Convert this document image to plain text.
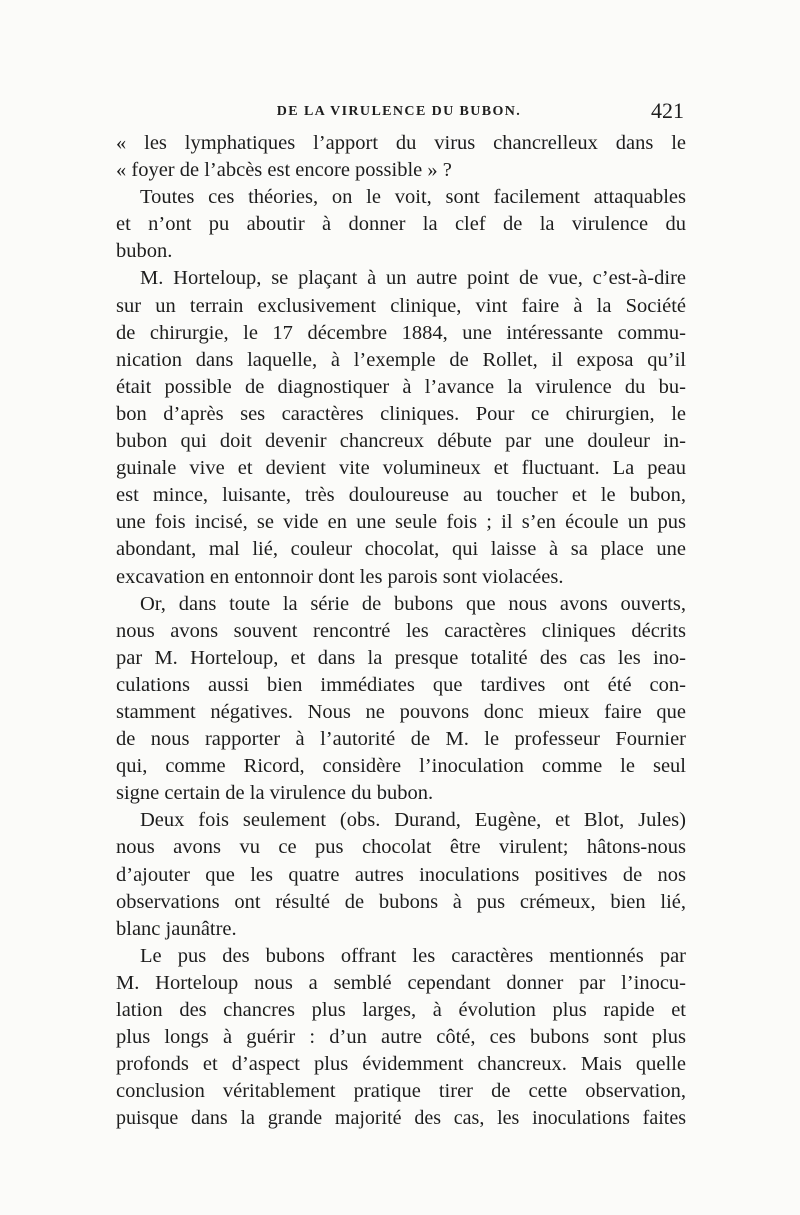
DE LA VIRULENCE DU BUBON.	421
« les lymphatiques l’apport du virus chancrelleux dans le
« foyer de l’abcès est encore possible » ?
Toutes ces théories, on le voit, sont facilement attaquables
et n’ont pu aboutir à donner la clef de la virulence du
bubon.
M. Horteloup, se plaçant à un autre point de vue, c’est-à-dire
sur un terrain exclusivement clinique, vint faire à la Société
de chirurgie, le 17 décembre 1884, une intéressante commu-
nication dans laquelle, à l’exemple de Rollet, il exposa qu’il
était possible de diagnostiquer à l’avance la virulence du bu-
bon d’après ses caractères cliniques. Pour ce chirurgien, le
bubon qui doit devenir chancreux débute par une douleur in-
guinale vive et devient vite volumineux et fluctuant. La peau
est mince, luisante, très douloureuse au toucher et le bubon,
une fois incisé, se vide en une seule fois ; il s’en écoule un pus
abondant, mal lié, couleur chocolat, qui laisse à sa place une
excavation en entonnoir dont les parois sont violacées.
Or, dans toute la série de bubons que nous avons ouverts,
nous avons souvent rencontré les caractères cliniques décrits
par M. Horteloup, et dans la presque totalité des cas les ino-
culations aussi bien immédiates que tardives ont été con-
stamment négatives. Nous ne pouvons donc mieux faire que
de nous rapporter à l’autorité de M. le professeur Fournier
qui, comme Ricord, considère l’inoculation comme le seul
signe certain de la virulence du bubon.
Deux fois seulement (obs. Durand, Eugène, et Blot, Jules)
nous avons vu ce pus chocolat être virulent; hâtons-nous
d’ajouter que les quatre autres inoculations positives de nos
observations ont résulté de bubons à pus crémeux, bien lié,
blanc jaunâtre.
Le pus des bubons offrant les caractères mentionnés par
M. Horteloup nous a semblé cependant donner par l’inocu-
lation des chancres plus larges, à évolution plus rapide et
plus longs à guérir : d’un autre côté, ces bubons sont plus
profonds et d’aspect plus évidemment chancreux. Mais quelle
conclusion véritablement pratique tirer de cette observation,
puisque dans la grande majorité des cas, les inoculations faites
